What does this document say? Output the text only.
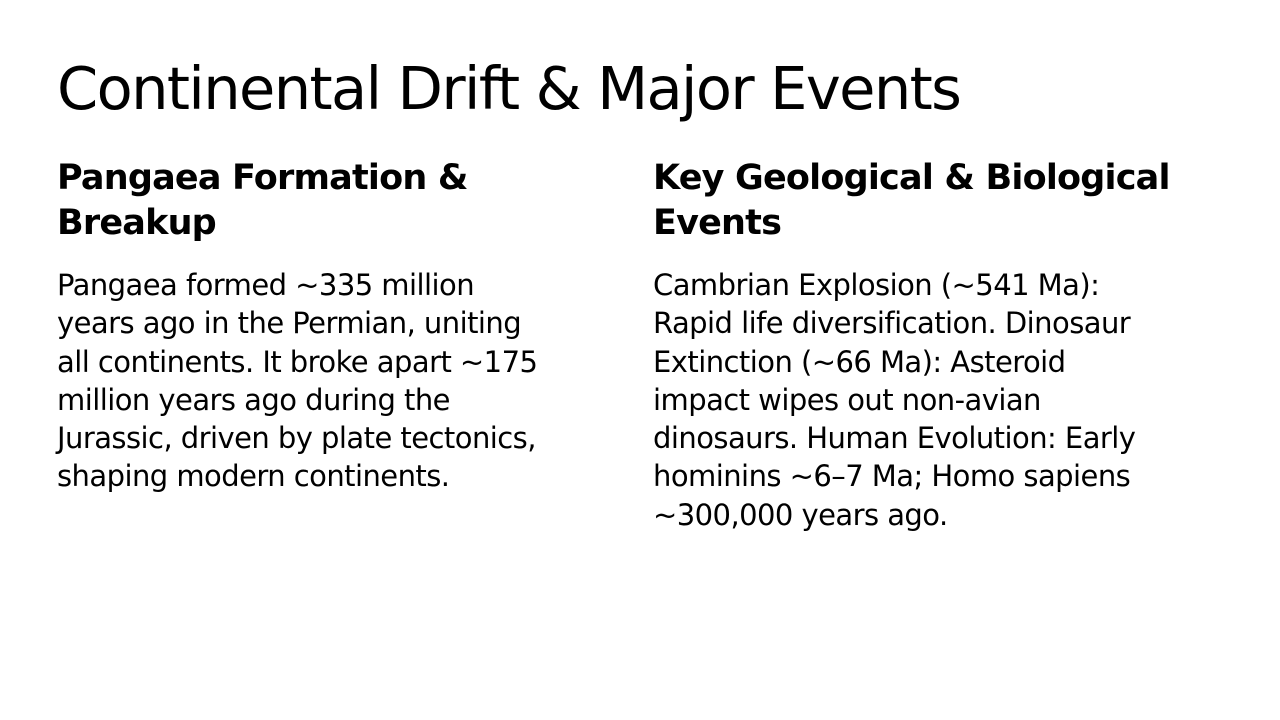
Continental Drift & Major Events
Pangaea Formation &
Breakup
Pangaea formed ~335 million
years ago in the Permian, uniting
all continents. It broke apart ~175
million years ago during the
Jurassic, driven by plate tectonics,
shaping modern continents.
Key Geological & Biological
Events
Cambrian Explosion (~541 Ma):
Rapid life diversification. Dinosaur
Extinction (~66 Ma): Asteroid
impact wipes out non-avian
dinosaurs. Human Evolution: Early
hominins ~6–7 Ma; Homo sapiens
~300,000 years ago.
